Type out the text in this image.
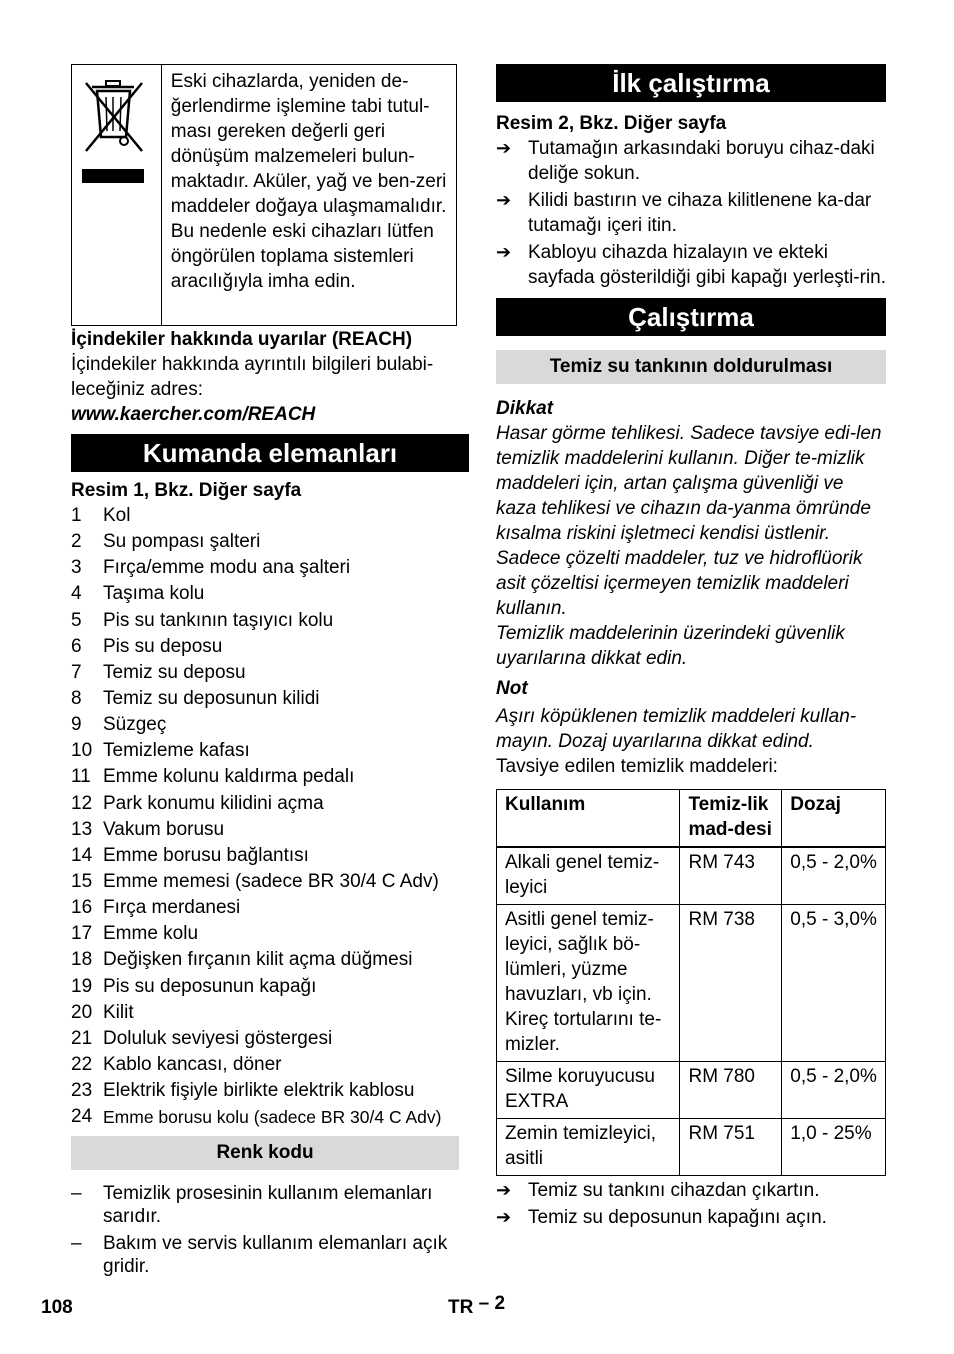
Eski cihazlarda, yeniden de-ğerlendirme işlemine tabi tutul-ması gereken değerli geri dönüşüm malzemeleri bulun-maktadır. Aküler, yağ ve ben-zeri maddeler doğaya ulaşmamalıdır. Bu nedenle eski cihazları lütfen öngörülen toplama sistemleri aracılığıyla imha edin.

İçindekiler hakkında uyarılar (REACH)

İçindekiler hakkında ayrıntılı bilgileri bulabi-leceğiniz adres:

www.kaercher.com/REACH

Kumanda elemanları

Resim 1, Bkz. Diğer sayfa

1	Kol
2	Su pompası şalteri
3	Fırça/emme modu ana şalteri
4	Taşıma kolu
5	Pis su tankının taşıyıcı kolu
6	Pis su deposu
7	Temiz su deposu
8	Temiz su deposunun kilidi
9	Süzgeç
10 Temizleme kafası
11 Emme kolunu kaldırma pedalı
12 Park konumu kilidini açma
13 Vakum borusu
14 Emme borusu bağlantısı
15 Emme memesi (sadece BR 30/4 C Adv)
16 Fırça merdanesi
17 Emme kolu
18 Değişken fırçanın kilit açma düğmesi
19 Pis su deposunun kapağı
20 Kilit
21 Doluluk seviyesi göstergesi
22 Kablo kancası, döner
23 Elektrik fişiyle birlikte elektrik kablosu
24 Emme borusu kolu (sadece BR 30/4 C Adv)
Renk kodu
–	Temizlik prosesinin kullanım elemanları sarıdır.
–	Bakım ve servis kullanım elemanları açık gridir.
İlk çalıştırma

Resim 2, Bkz. Diğer sayfa

➔ Tutamağın arkasındaki boruyu cihaz-daki deliğe sokun.
➔ Kilidi bastırın ve cihaza kilitlenene ka-dar tutamağı içeri itin.
➔ Kabloyu cihazda hizalayın ve ekteki sayfada gösterildiği gibi kapağı yerleşti-rin.
Çalıştırma
Temiz su tankının doldurulması

Dikkat

Hasar görme tehlikesi. Sadece tavsiye edi-len temizlik maddelerini kullanın. Diğer te-mizlik maddeleri için, artan çalışma güvenliği ve kaza tehlikesi ve cihazın da-yanma ömründe kısalma riskini işletmeci kendisi üstlenir. Sadece çözelti maddeler, tuz ve hidroflüorik asit çözeltisi içermeyen temizlik maddeleri kullanın.

Temizlik maddelerinin üzerindeki güvenlik uyarılarına dikkat edin.

Not

Aşırı köpüklenen temizlik maddeleri kullan-mayın. Dozaj uyarılarına dikkat edind.

Tavsiye edilen temizlik maddeleri:

Kullanım	Temiz-lik mad-desi	Dozaj
Alkali genel temiz-leyici	RM 743	0,5 - 2,0%
Asitli genel temiz-leyici, sağlık bö-lümleri, yüzme havuzları, vb için. Kireç tortularını te-mizler.	RM 738	0,5 - 3,0%
Silme koruyucusu EXTRA	RM 780	0,5 - 2,0%
Zemin temizleyici, asitli	RM 751	1,0 - 25%
➔ Temiz su tankını cihazdan çıkartın.
➔ Temiz su deposunun kapağını açın.
108	TR – 2
